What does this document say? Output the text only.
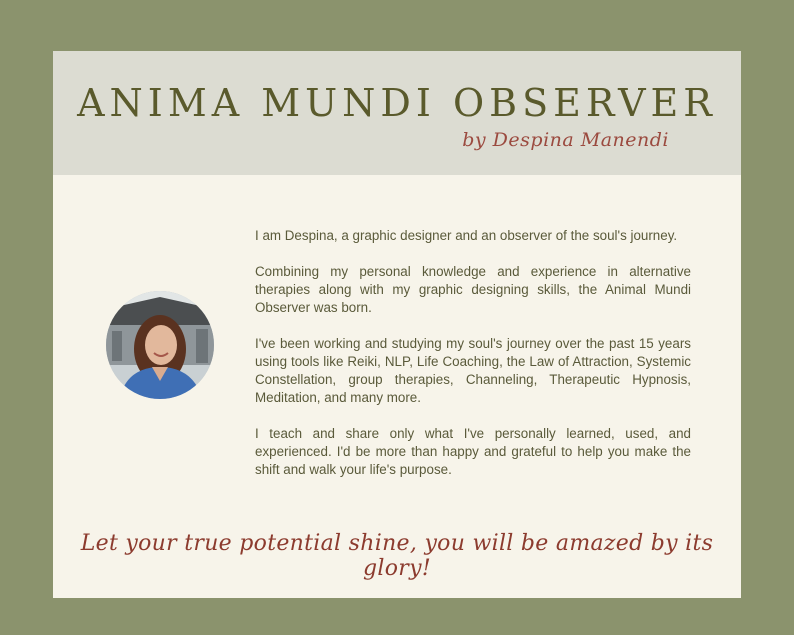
ANIMA MUNDI OBSERVER
by Despina Manendi

I am Despina, a graphic designer and an observer of the soul's journey.

Combining my personal knowledge and experience in alternative therapies along with my graphic designing skills, the Animal Mundi Observer was born.

I've been working and studying my soul's journey over the past 15 years using tools like Reiki, NLP, Life Coaching, the Law of Attraction, Systemic Constellation, group therapies, Channeling, Therapeutic Hypnosis, Meditation, and many more.

I teach and share only what I've personally learned, used, and experienced. I'd be more than happy and grateful to help you make the shift and walk your life's purpose.

Let your true potential shine, you will be amazed by its glory!
